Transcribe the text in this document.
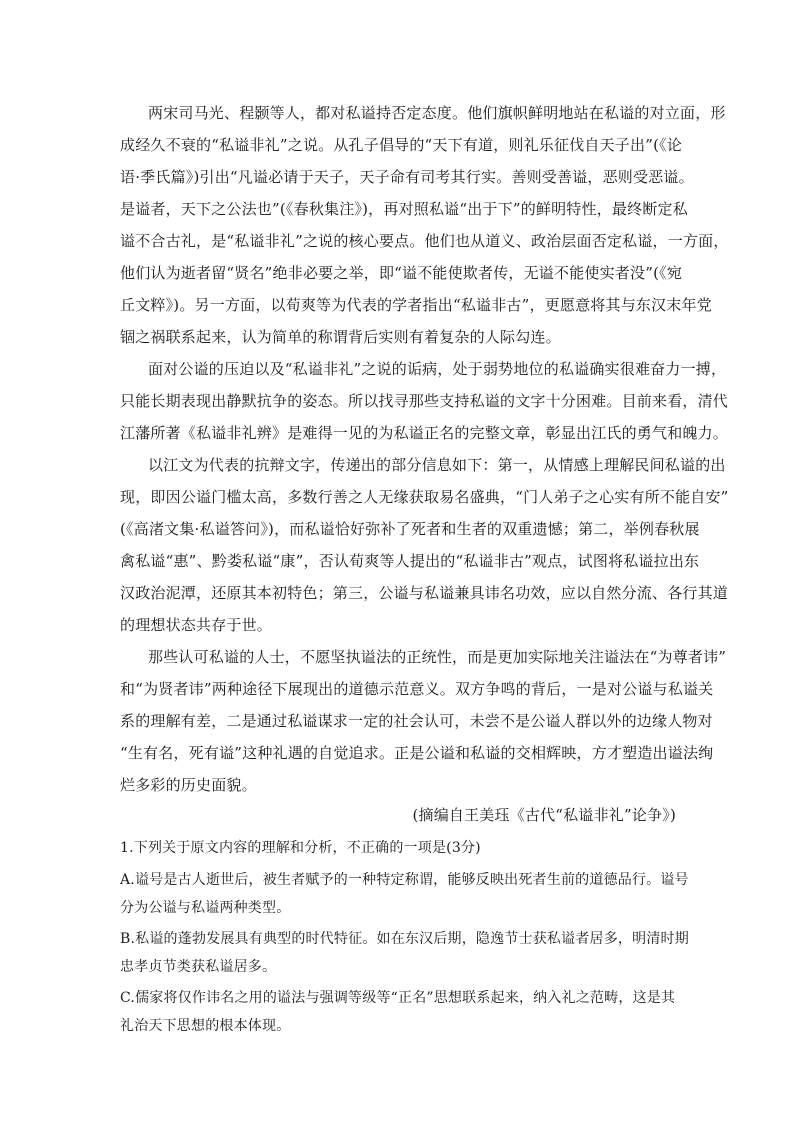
两宋司马光、程颢等人，都对私谥持否定态度。他们旗帜鲜明地站在私谥的对立面，形
成经久不衰的“私谥非礼”之说。从孔子倡导的“天下有道，则礼乐征伐自天子出”(《论
语·季氏篇》)引出“凡谥必请于天子，天子命有司考其行实。善则受善谥，恶则受恶谥。
是谥者，天下之公法也”(《春秋集注》)，再对照私谥“出于下”的鲜明特性，最终断定私
谥不合古礼，是“私谥非礼”之说的核心要点。他们也从道义、政治层面否定私谥，一方面，
他们认为逝者留“贤名”绝非必要之举，即“谥不能使欺者传，无谥不能使实者没”(《宛
丘文粹》)。另一方面，以荀爽等为代表的学者指出“私谥非古”，更愿意将其与东汉末年党
锢之祸联系起来，认为简单的称谓背后实则有着复杂的人际勾连。
面对公谥的压迫以及“私谥非礼”之说的诟病，处于弱势地位的私谥确实很难奋力一搏，
只能长期表现出静默抗争的姿态。所以找寻那些支持私谥的文字十分困难。目前来看，清代
江藩所著《私谥非礼辨》是难得一见的为私谥正名的完整文章，彰显出江氏的勇气和魄力。
以江文为代表的抗辩文字，传递出的部分信息如下：第一，从情感上理解民间私谥的出
现，即因公谥门槛太高，多数行善之人无缘获取易名盛典，“门人弟子之心实有所不能自安”
(《高渚文集·私谥答问》)，而私谥恰好弥补了死者和生者的双重遗憾；第二，举例春秋展
禽私谥“惠”、黔娄私谥“康”，否认荀爽等人提出的“私谥非古”观点，试图将私谥拉出东
汉政治泥潭，还原其本初特色；第三，公谥与私谥兼具讳名功效，应以自然分流、各行其道
的理想状态共存于世。
那些认可私谥的人士，不愿坚执谥法的正统性，而是更加实际地关注谥法在“为尊者讳”
和“为贤者讳”两种途径下展现出的道德示范意义。双方争鸣的背后，一是对公谥与私谥关
系的理解有差，二是通过私谥谋求一定的社会认可，未尝不是公谥人群以外的边缘人物对
“生有名，死有谥”这种礼遇的自觉追求。正是公谥和私谥的交相辉映，方才塑造出谥法绚
烂多彩的历史面貌。
(摘编自王美珏《古代“私谥非礼”论争》)
1.下列关于原文内容的理解和分析，不正确的一项是(3分)
A.谥号是古人逝世后，被生者赋予的一种特定称谓，能够反映出死者生前的道德品行。谥号
分为公谥与私谥两种类型。
B.私谥的蓬勃发展具有典型的时代特征。如在东汉后期，隐逸节士获私谥者居多，明清时期
忠孝贞节类获私谥居多。
C.儒家将仅作讳名之用的谥法与强调等级等“正名”思想联系起来，纳入礼之范畴，这是其
礼治天下思想的根本体现。
